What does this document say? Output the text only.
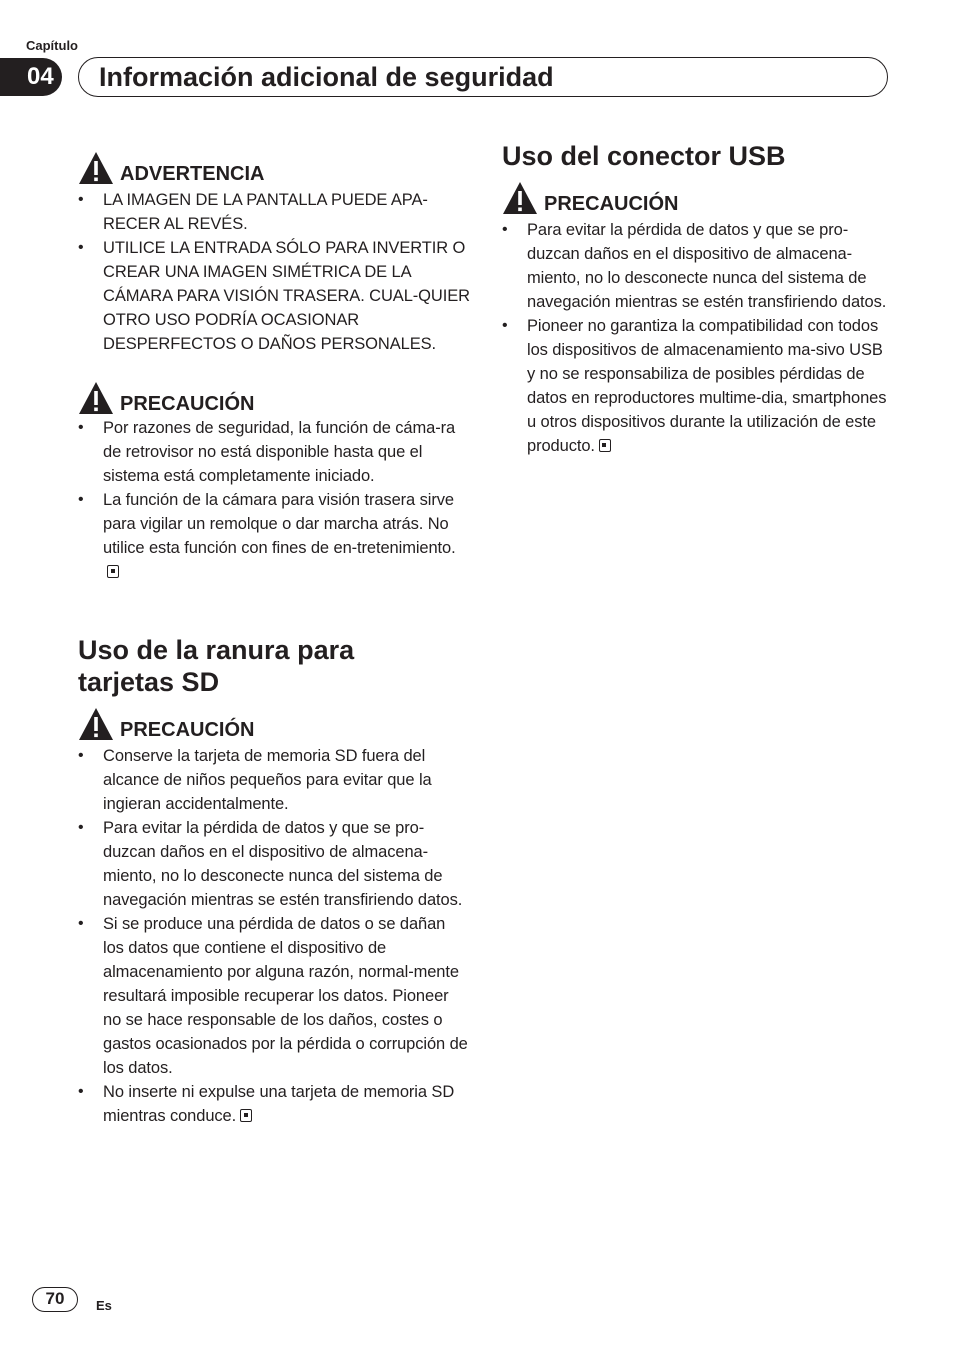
Capítulo
04	Información adicional de seguridad
ADVERTENCIA
• LA IMAGEN DE LA PANTALLA PUEDE APA-RECER AL REVÉS.
• UTILICE LA ENTRADA SÓLO PARA INVERTIR O CREAR UNA IMAGEN SIMÉTRICA DE LA CÁMARA PARA VISIÓN TRASERA. CUAL-QUIER OTRO USO PODRÍA OCASIONAR DESPERFECTOS O DAÑOS PERSONALES.
PRECAUCIÓN
• Por razones de seguridad, la función de cáma-ra de retrovisor no está disponible hasta que el sistema está completamente iniciado.
• La función de la cámara para visión trasera sirve para vigilar un remolque o dar marcha atrás. No utilice esta función con fines de en-tretenimiento.
Uso de la ranura para tarjetas SD
PRECAUCIÓN
• Conserve la tarjeta de memoria SD fuera del alcance de niños pequeños para evitar que la ingieran accidentalmente.
• Para evitar la pérdida de datos y que se pro-duzcan daños en el dispositivo de almacena-miento, no lo desconecte nunca del sistema de navegación mientras se estén transfiriendo datos.
• Si se produce una pérdida de datos o se dañan los datos que contiene el dispositivo de almacenamiento por alguna razón, normal-mente resultará imposible recuperar los datos. Pioneer no se hace responsable de los daños, costes o gastos ocasionados por la pérdida o corrupción de los datos.
• No inserte ni expulse una tarjeta de memoria SD mientras conduce.
Uso del conector USB
PRECAUCIÓN
• Para evitar la pérdida de datos y que se pro-duzcan daños en el dispositivo de almacena-miento, no lo desconecte nunca del sistema de navegación mientras se estén transfiriendo datos.
• Pioneer no garantiza la compatibilidad con todos los dispositivos de almacenamiento ma-sivo USB y no se responsabiliza de posibles pérdidas de datos en reproductores multime-dia, smartphones u otros dispositivos durante la utilización de este producto.
70	Es
